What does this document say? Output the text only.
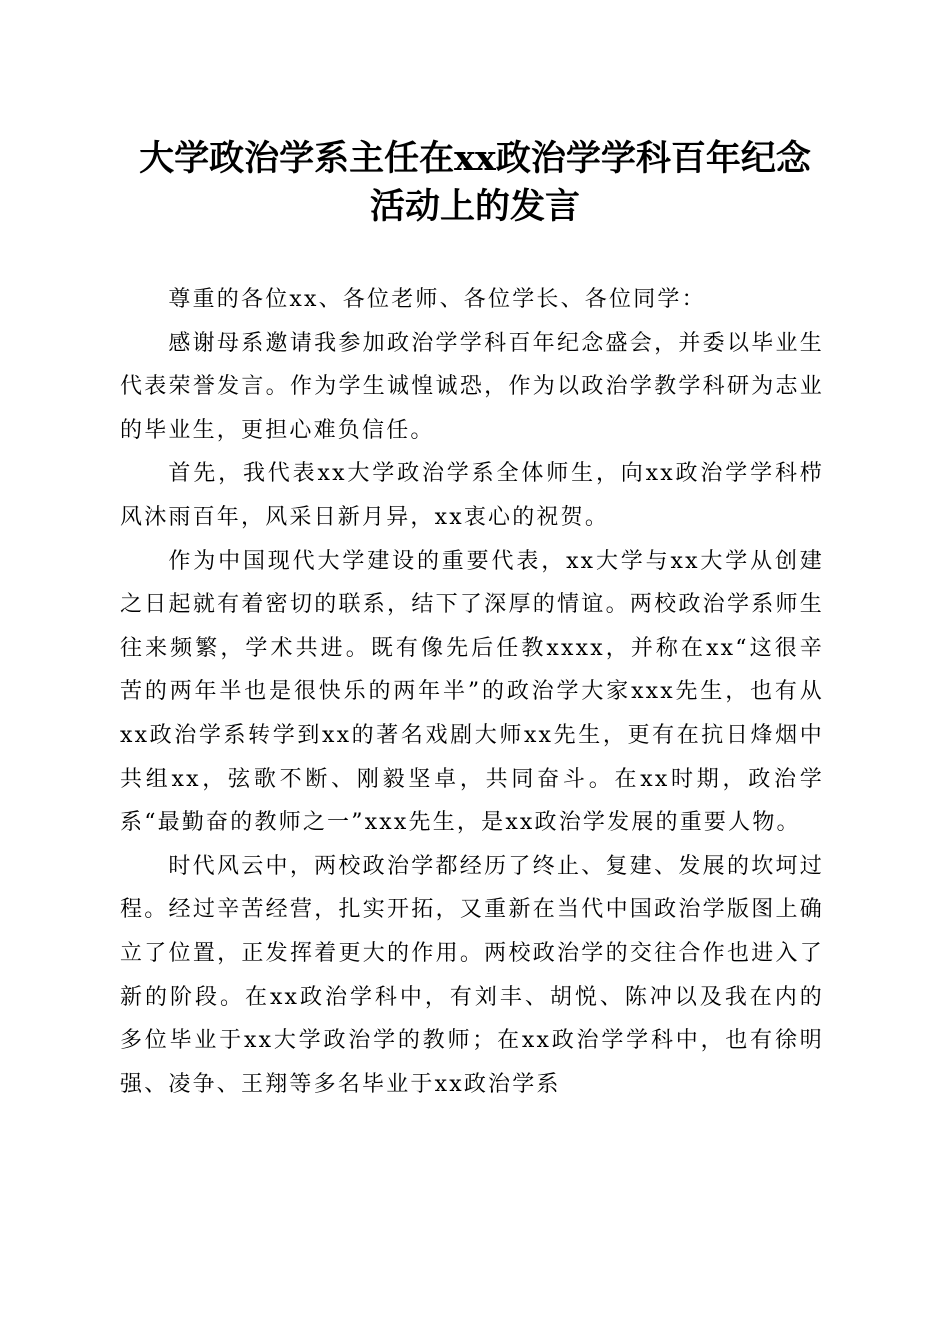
大学政治学系主任在xx政治学学科百年纪念
活动上的发言

尊重的各位xx、各位老师、各位学长、各位同学：

感谢母系邀请我参加政治学学科百年纪念盛会，并委以毕业生代表荣誉发言。作为学生诚惶诚恐，作为以政治学教学科研为志业的毕业生，更担心难负信任。

首先，我代表xx大学政治学系全体师生，向xx政治学学科栉风沐雨百年，风采日新月异，xx衷心的祝贺。

作为中国现代大学建设的重要代表，xx大学与xx大学从创建之日起就有着密切的联系，结下了深厚的情谊。两校政治学系师生往来频繁，学术共进。既有像先后任教xxxx，并称在xx“这很辛苦的两年半也是很快乐的两年半”的政治学大家xxx先生，也有从xx政治学系转学到xx的著名戏剧大师xx先生，更有在抗日烽烟中共组xx，弦歌不断、刚毅坚卓，共同奋斗。在xx时期，政治学系“最勤奋的教师之一”xxx先生，是xx政治学发展的重要人物。

时代风云中，两校政治学都经历了终止、复建、发展的坎坷过程。经过辛苦经营，扎实开拓，又重新在当代中国政治学版图上确立了位置，正发挥着更大的作用。两校政治学的交往合作也进入了新的阶段。在xx政治学科中，有刘丰、胡悦、陈冲以及我在内的多位毕业于xx大学政治学的教师；在xx政治学学科中，也有徐明强、凌争、王翔等多名毕业于xx政治学系
